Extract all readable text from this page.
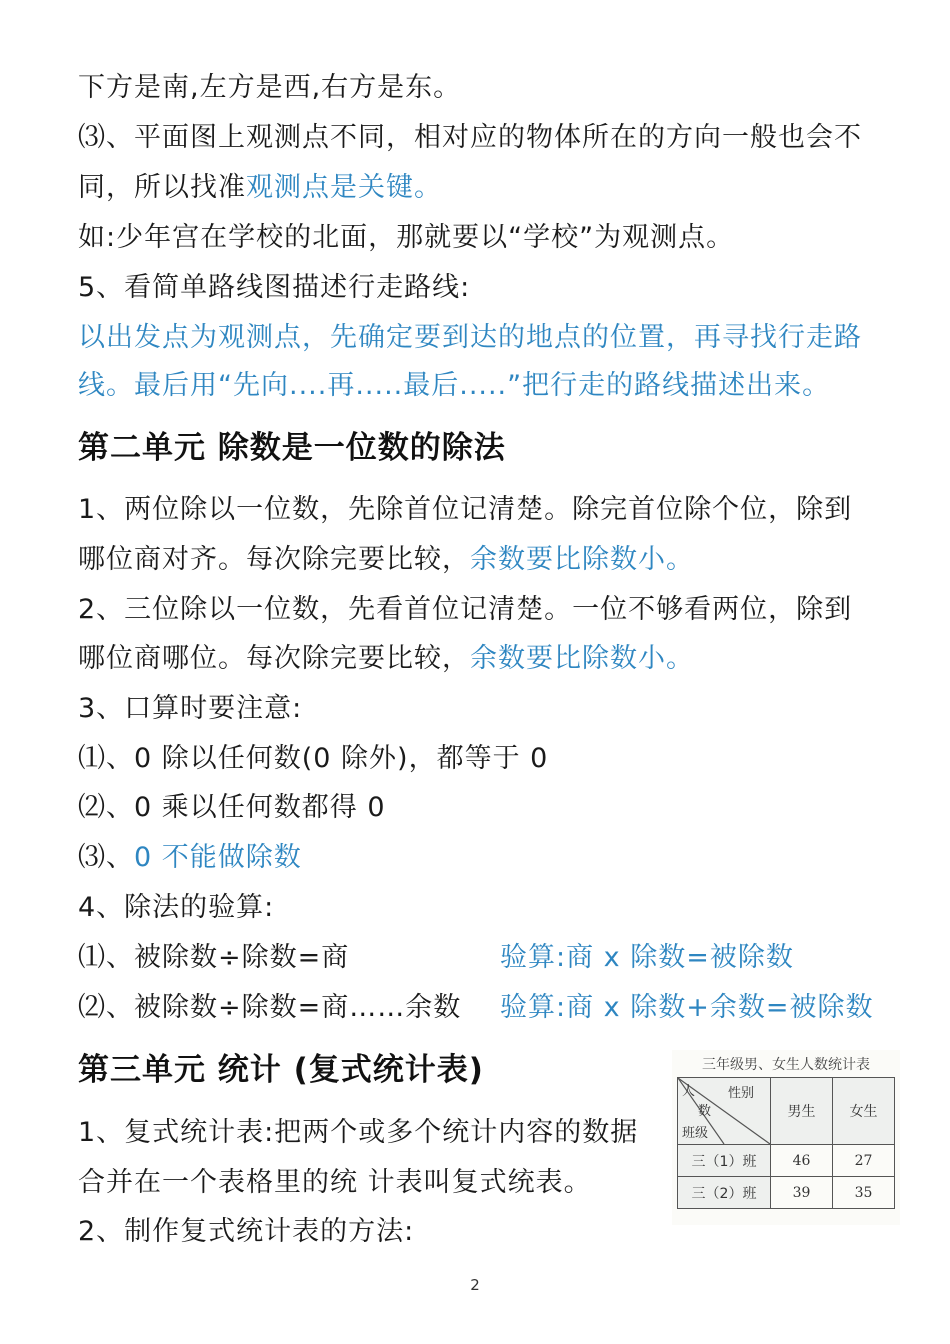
下方是南,左方是西,右方是东。
⑶、平面图上观测点不同，相对应的物体所在的方向一般也会不
同，所以找准观测点是关键。
如:少年宫在学校的北面，那就要以“学校”为观测点。
5、看简单路线图描述行走路线:
以出发点为观测点，先确定要到达的地点的位置，再寻找行走路
线。最后用“先向....再.....最后.....”把行走的路线描述出来。
第二单元 除数是一位数的除法
1、两位除以一位数，先除首位记清楚。除完首位除个位，除到
哪位商对齐。每次除完要比较，余数要比除数小。
2、三位除以一位数，先看首位记清楚。一位不够看两位，除到
哪位商哪位。每次除完要比较，余数要比除数小。
3、口算时要注意:
⑴、0 除以任何数(0 除外)，都等于 0
⑵、0 乘以任何数都得 0
⑶、0 不能做除数
4、除法的验算:
⑴、被除数÷除数=商	验算:商 x 除数=被除数
⑵、被除数÷除数=商……余数 验算:商 x 除数+余数=被除数
第三单元 统计 (复式统计表)
1、复式统计表:把两个或多个统计内容的数据
合并在一个表格里的统 计表叫复式统表。
2、制作复式统计表的方法:
三年级男、女生人数统计表
性别
人
数
班级	男生	女生
三（1）班	46	27
三（2）班	39	35
2
